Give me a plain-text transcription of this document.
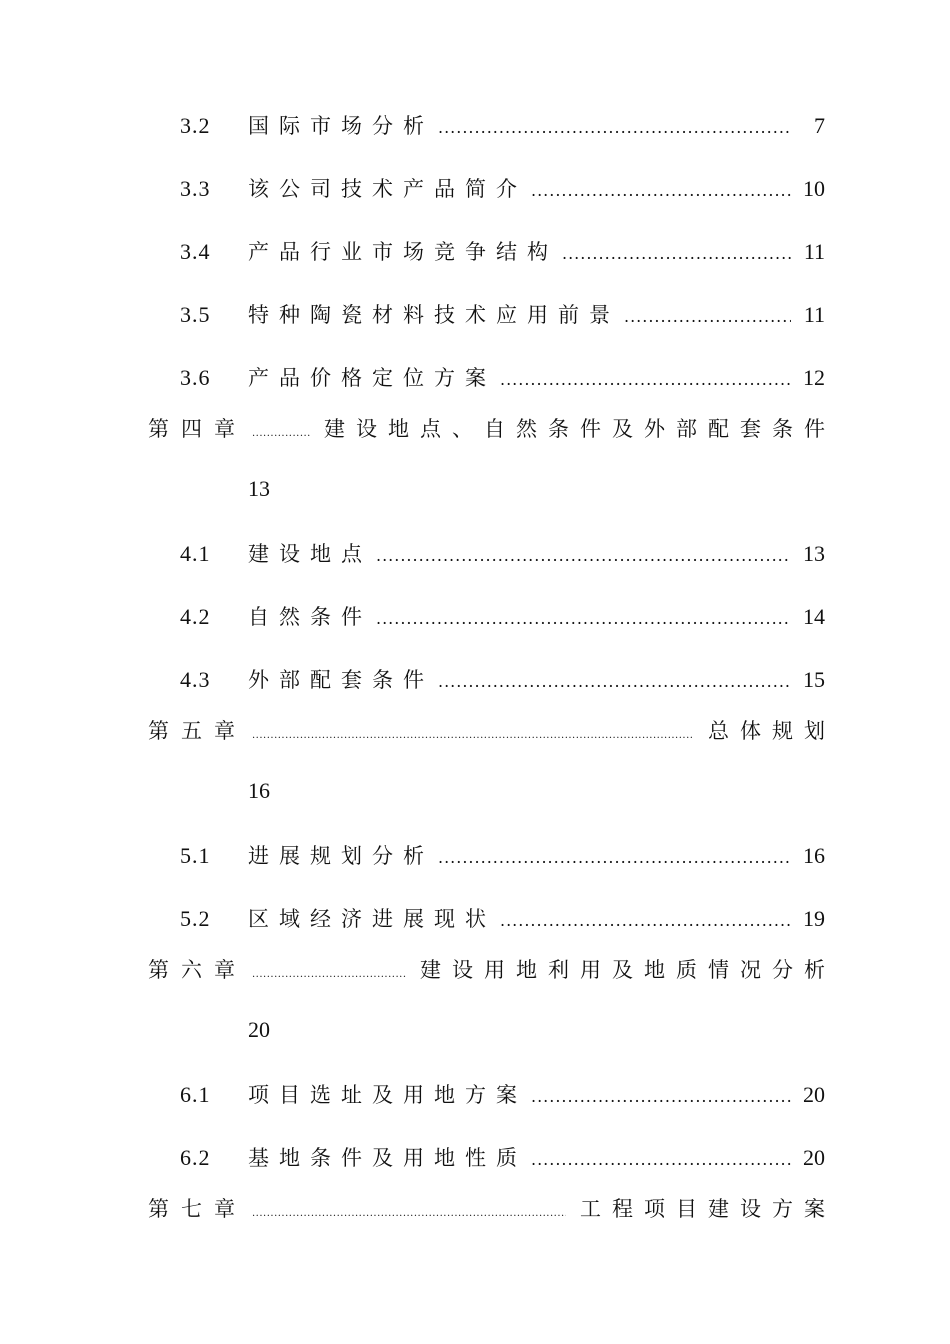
3.2	国际市场分析 .....	7
3.3	该公司技术产品简介 .....	10
3.4	产品行业市场竞争结构 .....	11
3.5	特种陶瓷材料技术应用前景 .....	11
3.6	产品价格定位方案 .....	12
第四章 .....	建设地点、自然条件及外部配套条件
13
4.1	建设地点 .....	13
4.2	自然条件 .....	14
4.3	外部配套条件 .....	15
第五章 .....	总体规划
16
5.1	进展规划分析 .....	16
5.2	区域经济进展现状 .....	19
第六章 .....	建设用地利用及地质情况分析
20
6.1	项目选址及用地方案 .....	20
6.2	基地条件及用地性质 .....	20
第七章 .....	工程项目建设方案
